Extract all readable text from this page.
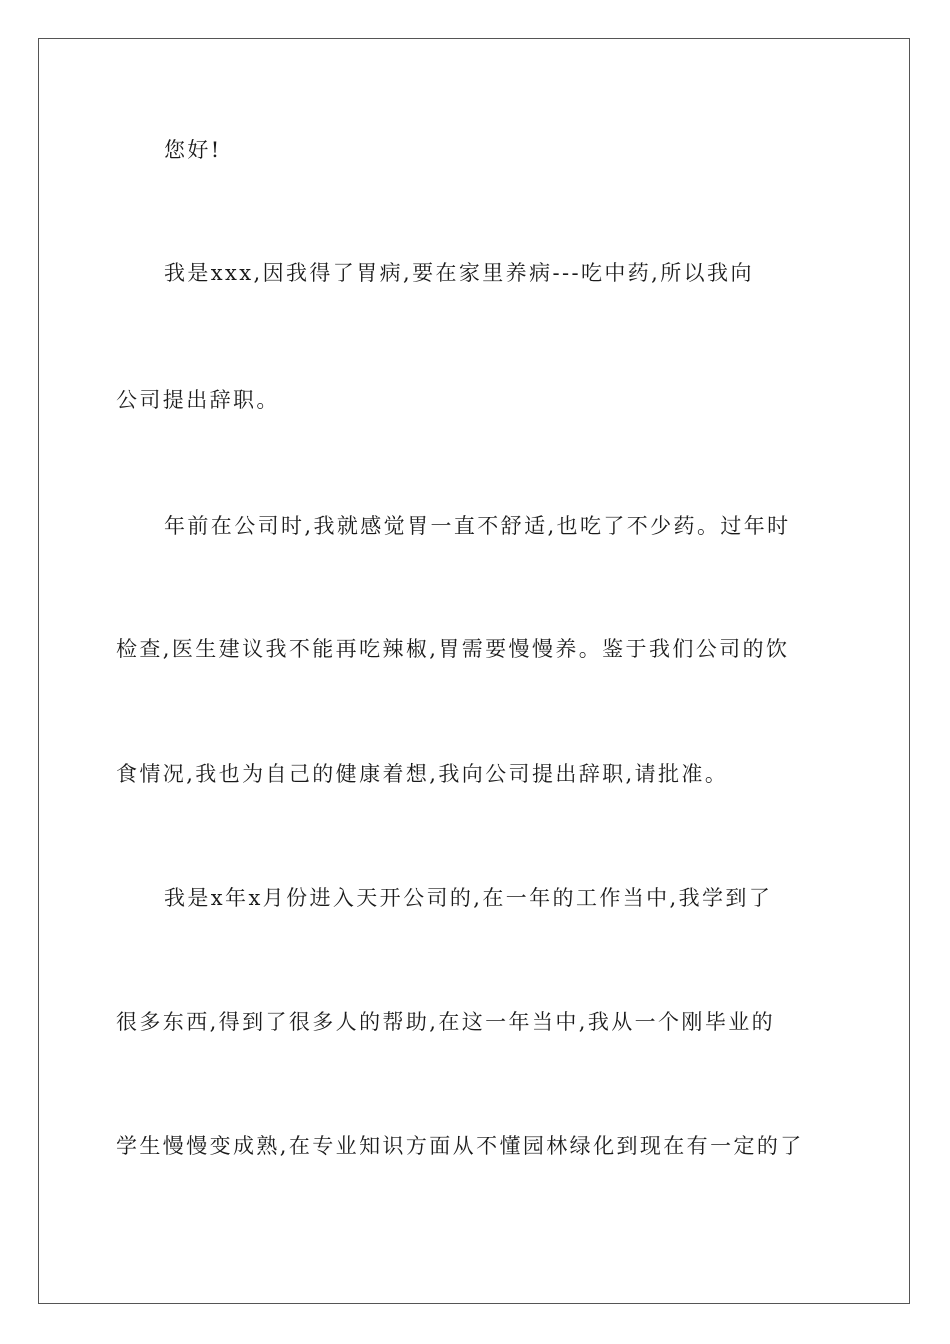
您好!
我是xxx,因我得了胃病,要在家里养病---吃中药,所以我向
公司提出辞职。
年前在公司时,我就感觉胃一直不舒适,也吃了不少药。过年时
检查,医生建议我不能再吃辣椒,胃需要慢慢养。鉴于我们公司的饮
食情况,我也为自己的健康着想,我向公司提出辞职,请批准。
我是x年x月份进入天开公司的,在一年的工作当中,我学到了
很多东西,得到了很多人的帮助,在这一年当中,我从一个刚毕业的
学生慢慢变成熟,在专业知识方面从不懂园林绿化到现在有一定的了
